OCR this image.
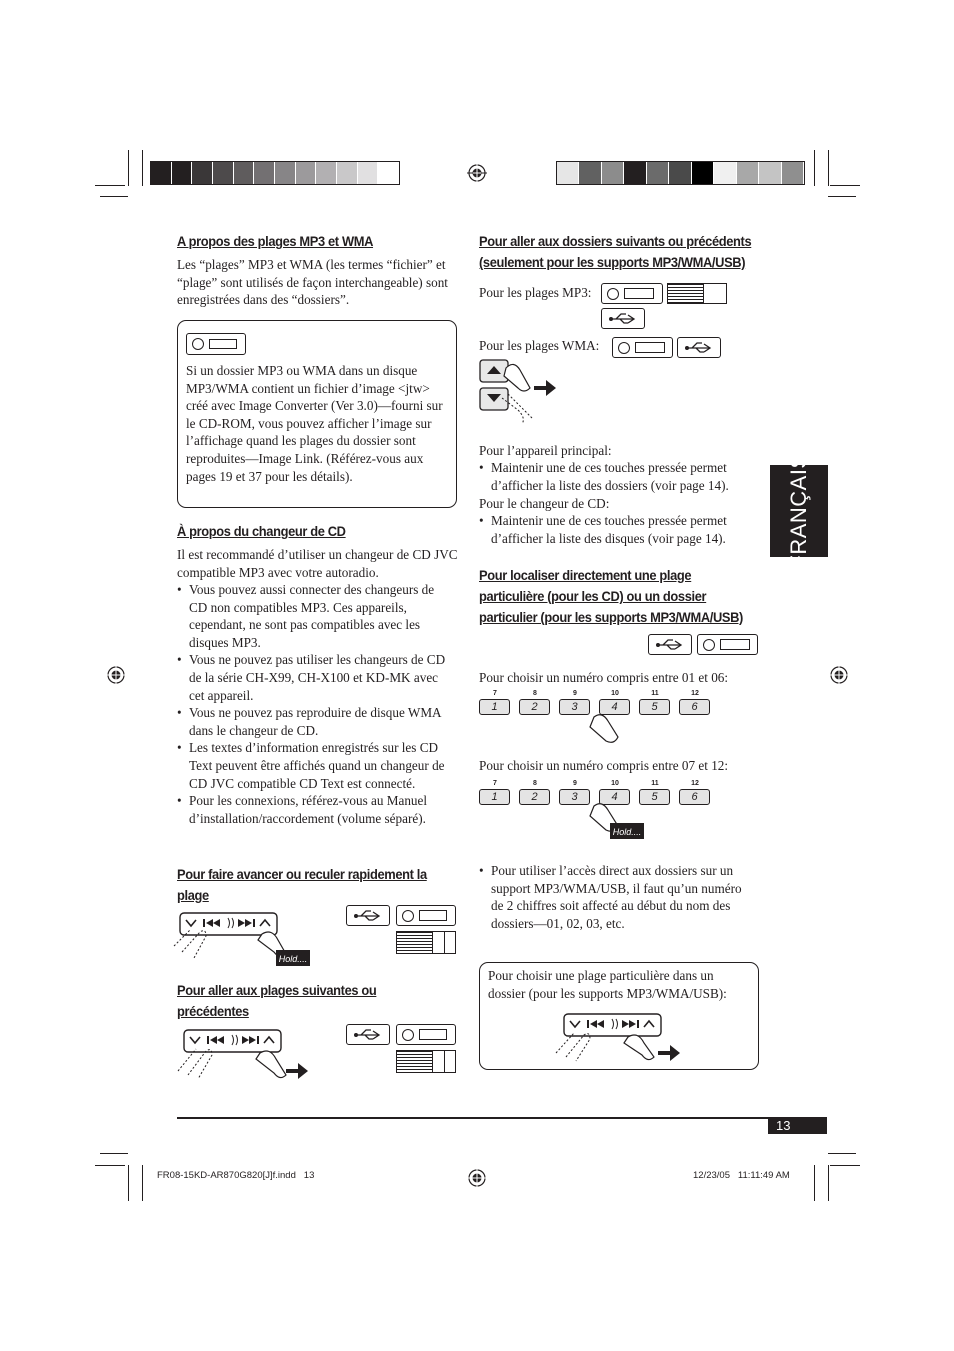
FRANÇAIS
A propos des plages MP3 et WMA
Les “plages” MP3 et WMA (les termes “fichier” et “plage” sont utilisés de façon interchangeable) sont enregistrées dans des “dossiers”.
Si un dossier MP3 ou WMA dans un disque MP3/WMA contient un fichier d’image <jtw> créé avec Image Converter (Ver 3.0)—fourni sur le CD-ROM, vous pouvez afficher l’image sur l’affichage quand les plages du dossier sont reproduites—Image Link. (Référez-vous aux pages 19 et 37 pour les détails).
À propos du changeur de CD
Il est recommandé d’utiliser un changeur de CD JVC compatible MP3 avec votre autoradio.
• Vous pouvez aussi connecter des changeurs de CD non compatibles MP3. Ces appareils, cependant, ne sont pas compatibles avec les disques MP3.
• Vous ne pouvez pas utiliser les changeurs de CD de la série CH-X99, CH-X100 et KD-MK avec cet appareil.
• Vous ne pouvez pas reproduire de disque WMA dans le changeur de CD.
• Les textes d’information enregistrés sur les CD Text peuvent être affichés quand un changeur de CD JVC compatible CD Text est connecté.
• Pour les connexions, référez-vous au Manuel d’installation/raccordement (volume séparé).
Pour faire avancer ou reculer rapidement la
plage
Hold....
Pour aller aux plages suivantes ou
précédentes
Pour aller aux dossiers suivants ou précédents
(seulement pour les supports MP3/WMA/USB)
Pour les plages MP3:
Pour les plages WMA:
Pour l’appareil principal:
• Maintenir une de ces touches pressée permet d’afficher la liste des dossiers (voir page 14).
Pour le changeur de CD:
• Maintenir une de ces touches pressée permet d’afficher la liste des disques (voir page 14).
Pour localiser directement une plage
particulière (pour les CD) ou un dossier
particulier (pour les supports MP3/WMA/USB)
Pour choisir un numéro compris entre 01 et 06:
7
1
8
2
9
3
10
4
11
5
12
6
Pour choisir un numéro compris entre 07 et 12:
7
1
8
2
9
3
10
4
11
5
12
6
Hold....
• Pour utiliser l’accès direct aux dossiers sur un support MP3/WMA/USB, il faut qu’un numéro de 2 chiffres soit affecté au début du nom des dossiers—01, 02, 03, etc.
Pour choisir une plage particulière dans un dossier (pour les supports MP3/WMA/USB):
13
FR08-15KD-AR870G820[J]f.indd   13	12/23/05   11:11:49 AM
